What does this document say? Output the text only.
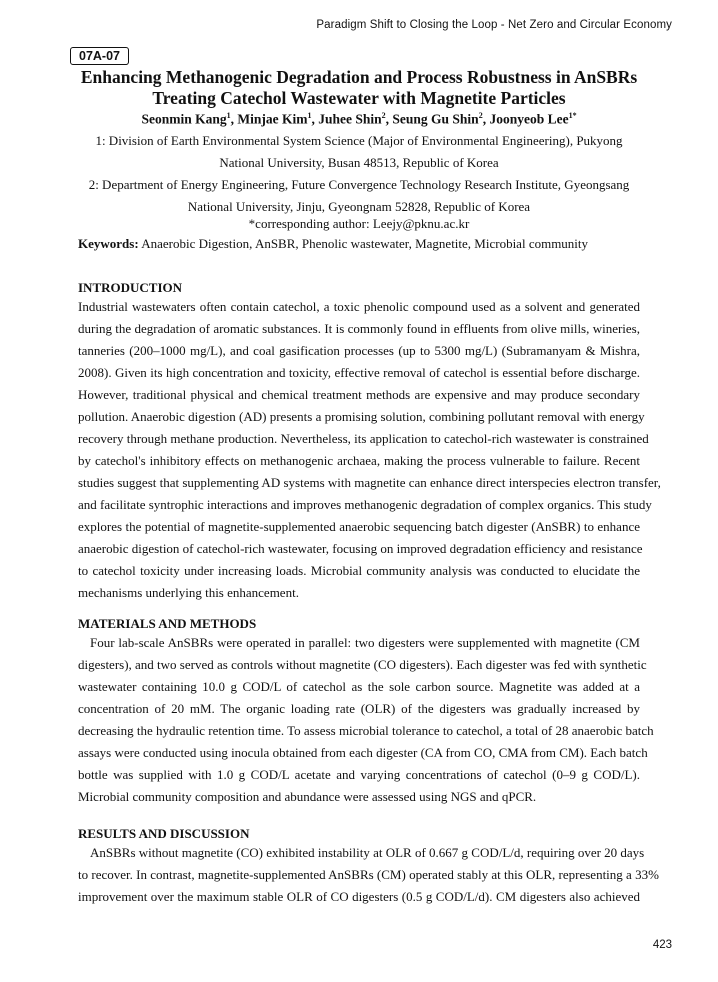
Paradigm Shift to Closing the Loop - Net Zero and Circular Economy
07A-07
Enhancing Methanogenic Degradation and Process Robustness in AnSBRs
Treating Catechol Wastewater with Magnetite Particles
Seonmin Kang$^1$, Minjae Kim$^1$, Juhee Shin$^2$, Seung Gu Shin$^2$, Joonyeob Lee$^{1*}$
1: Division of Earth Environmental System Science (Major of Environmental Engineering), Pukyong
National University, Busan 48513, Republic of Korea
2: Department of Energy Engineering, Future Convergence Technology Research Institute, Gyeongsang
National University, Jinju, Gyeongnam 52828, Republic of Korea
*corresponding author: Leejy@pknu.ac.kr
Keywords: Anaerobic Digestion, AnSBR, Phenolic wastewater, Magnetite, Microbial community
INTRODUCTION

Industrial wastewaters often contain catechol, a toxic phenolic compound used as a solvent and generated
during the degradation of aromatic substances. It is commonly found in effluents from olive mills, wineries,
tanneries (200–1000 mg/L), and coal gasification processes (up to 5300 mg/L) (Subramanyam & Mishra,
2008). Given its high concentration and toxicity, effective removal of catechol is essential before discharge.
However, traditional physical and chemical treatment methods are expensive and may produce secondary
pollution. Anaerobic digestion (AD) presents a promising solution, combining pollutant removal with energy
recovery through methane production. Nevertheless, its application to catechol-rich wastewater is constrained
by catechol's inhibitory effects on methanogenic archaea, making the process vulnerable to failure. Recent
studies suggest that supplementing AD systems with magnetite can enhance direct interspecies electron transfer,
and facilitate syntrophic interactions and improves methanogenic degradation of complex organics. This study
explores the potential of magnetite-supplemented anaerobic sequencing batch digester (AnSBR) to enhance
anaerobic digestion of catechol-rich wastewater, focusing on improved degradation efficiency and resistance
to catechol toxicity under increasing loads. Microbial community analysis was conducted to elucidate the
mechanisms underlying this enhancement.

MATERIALS AND METHODS

Four lab-scale AnSBRs were operated in parallel: two digesters were supplemented with magnetite (CM
digesters), and two served as controls without magnetite (CO digesters). Each digester was fed with synthetic
wastewater containing 10.0 g COD/L of catechol as the sole carbon source. Magnetite was added at a
concentration of 20 mM. The organic loading rate (OLR) of the digesters was gradually increased by
decreasing the hydraulic retention time. To assess microbial tolerance to catechol, a total of 28 anaerobic batch
assays were conducted using inocula obtained from each digester (CA from CO, CMA from CM). Each batch
bottle was supplied with 1.0 g COD/L acetate and varying concentrations of catechol (0–9 g COD/L).
Microbial community composition and abundance were assessed using NGS and qPCR.

RESULTS AND DISCUSSION

AnSBRs without magnetite (CO) exhibited instability at OLR of 0.667 g COD/L/d, requiring over 20 days
to recover. In contrast, magnetite-supplemented AnSBRs (CM) operated stably at this OLR, representing a 33%
improvement over the maximum stable OLR of CO digesters (0.5 g COD/L/d). CM digesters also achieved

423
